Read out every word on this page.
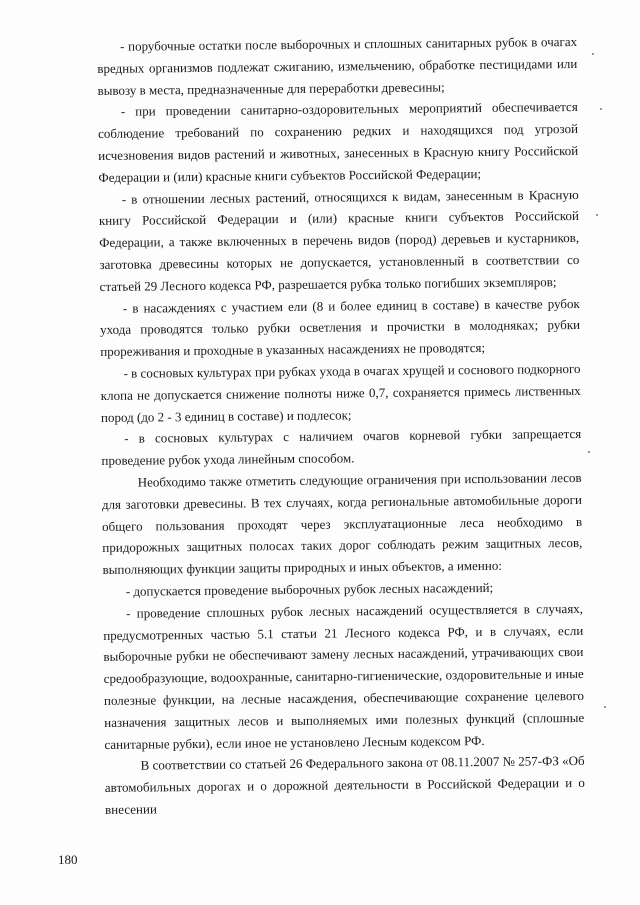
- порубочные остатки после выборочных и сплошных санитарных рубок в очагах вредных организмов подлежат сжиганию, измельчению, обработке пестицидами или вывозу в места, предназначенные для переработки древесины;

- при проведении санитарно-оздоровительных мероприятий обеспечивается соблюдение требований по сохранению редких и находящихся под угрозой исчезновения видов растений и животных, занесенных в Красную книгу Российской Федерации и (или) красные книги субъектов Российской Федерации;

- в отношении лесных растений, относящихся к видам, занесенным в Красную книгу Российской Федерации и (или) красные книги субъектов Российской Федерации, а также включенных в перечень видов (пород) деревьев и кустарников, заготовка древесины которых не допускается, установленный в соответствии со статьей 29 Лесного кодекса РФ, разрешается рубка только погибших экземпляров;

- в насаждениях с участием ели (8 и более единиц в составе) в качестве рубок ухода проводятся только рубки осветления и прочистки в молодняках; рубки прореживания и проходные в указанных насаждениях не проводятся;

- в сосновых культурах при рубках ухода в очагах хрущей и соснового подкорного клопа не допускается снижение полноты ниже 0,7, сохраняется примесь лиственных пород (до 2 - 3 единиц в составе) и подлесок;

- в сосновых культурах с наличием очагов корневой губки запрещается проведение рубок ухода линейным способом.

Необходимо также отметить следующие ограничения при использовании лесов для заготовки древесины. В тех случаях, когда региональные автомобильные дороги общего пользования проходят через эксплуатационные леса необходимо в придорожных защитных полосах таких дорог соблюдать режим защитных лесов, выполняющих функции защиты природных и иных объектов, а именно:

- допускается проведение выборочных рубок лесных насаждений;

- проведение сплошных рубок лесных насаждений осуществляется в случаях, предусмотренных частью 5.1 статьи 21 Лесного кодекса РФ, и в случаях, если выборочные рубки не обеспечивают замену лесных насаждений, утрачивающих свои средообразующие, водоохранные, санитарно-гигиенические, оздоровительные и иные полезные функции, на лесные насаждения, обеспечивающие сохранение целевого назначения защитных лесов и выполняемых ими полезных функций (сплошные санитарные рубки), если иное не установлено Лесным кодексом РФ.

В соответствии со статьей 26 Федерального закона от 08.11.2007 № 257-ФЗ «Об автомобильных дорогах и о дорожной деятельности в Российской Федерации и о внесении

180
